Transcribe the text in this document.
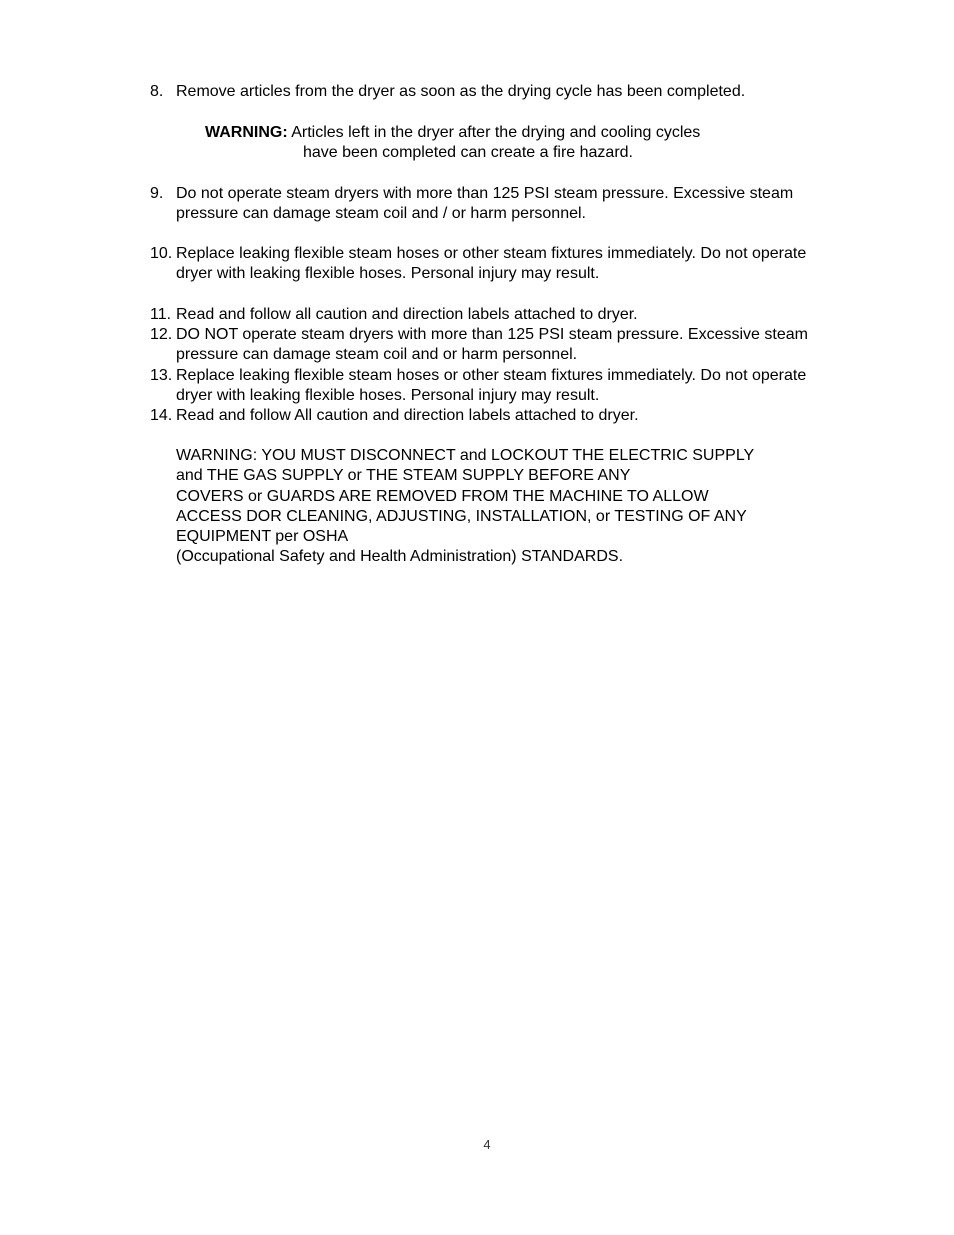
8. Remove articles from the dryer as soon as the drying cycle has been completed.
WARNING: Articles left in the dryer after the drying and cooling cycles
have been completed can create a fire hazard.
9. Do not operate steam dryers with more than 125 PSI steam pressure. Excessive steam pressure can damage steam coil and / or harm personnel.
10. Replace leaking flexible steam hoses or other steam fixtures immediately. Do not operate dryer with leaking flexible hoses. Personal injury may result.
11. Read and follow all caution and direction labels attached to dryer.
12. DO NOT operate steam dryers with more than 125 PSI steam pressure. Excessive steam pressure can damage steam coil and or harm personnel.
13. Replace leaking flexible steam hoses or other steam fixtures immediately. Do not operate dryer with leaking flexible hoses. Personal injury may result.
14. Read and follow All caution and direction labels attached to dryer.
WARNING: YOU MUST DISCONNECT and LOCKOUT THE ELECTRIC SUPPLY
and THE GAS SUPPLY or THE STEAM SUPPLY BEFORE ANY
COVERS or GUARDS ARE REMOVED FROM THE MACHINE TO ALLOW
ACCESS DOR CLEANING, ADJUSTING, INSTALLATION, or TESTING OF ANY
EQUIPMENT per OSHA
(Occupational Safety and Health Administration) STANDARDS.
4
